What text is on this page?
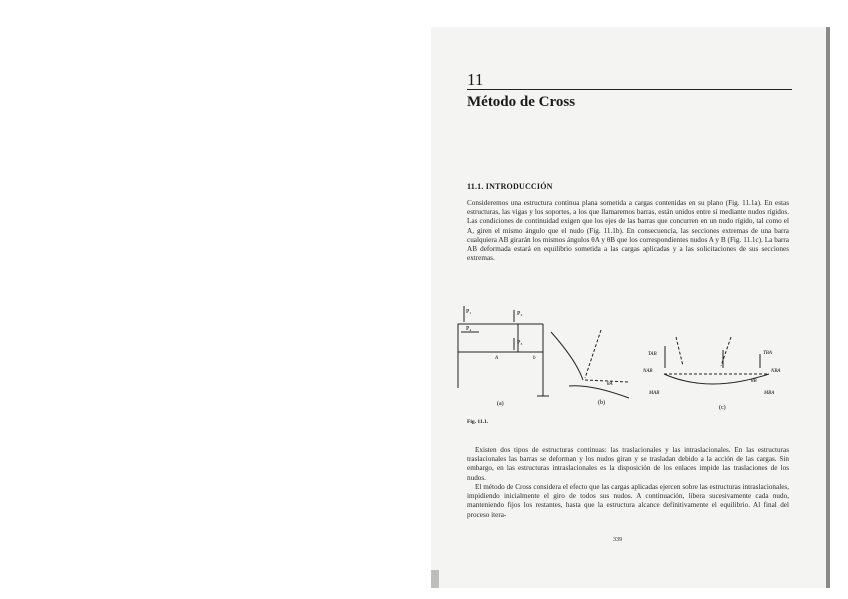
11
Método de Cross
11.1. INTRODUCCIÓN
Consideremos una estructura continua plana sometida a cargas contenidas en su plano (Fig. 11.1a). En estas estructuras, las vigas y los soportes, a los que llamaremos barras, están unidos entre sí mediante nudos rígidos. Las condiciones de continuidad exigen que los ejes de las barras que concurren en un nudo rígido, tal como el A, giren el mismo ángulo que el nudo (Fig. 11.1b). En consecuencia, las secciones extremas de una barra cualquiera AB girarán los mismos ángulos θA y θB que los correspondientes nudos A y B (Fig. 11.1c). La barra AB deformada estará en equilibrio sometida a las cargas aplicadas y a las solicitaciones de sus secciones extremas.
P₁	P₂
P₃
P₄
A	b
(a)
θA
(b)
TAB	TBA
NAB	NBA
MAB	MBA
θB
(c)
Fig. 11.1.
Existen dos tipos de estructuras continuas: las traslacionales y las intraslacionales. En las estructuras traslacionales las barras se deforman y los nudos giran y se trasladan debido a la acción de las cargas. Sin embargo, en las estructuras intraslacionales es la disposición de los enlaces impide las traslaciones de los nudos.
El método de Cross considera el efecto que las cargas aplicadas ejercen sobre las estructuras intraslacionales, impidiendo inicialmente el giro de todos sus nudos. A continuación, libera sucesivamente cada nudo, manteniendo fijos los restantes, hasta que la estructura alcance definitivamente el equilibrio. Al final del proceso itera-
339
